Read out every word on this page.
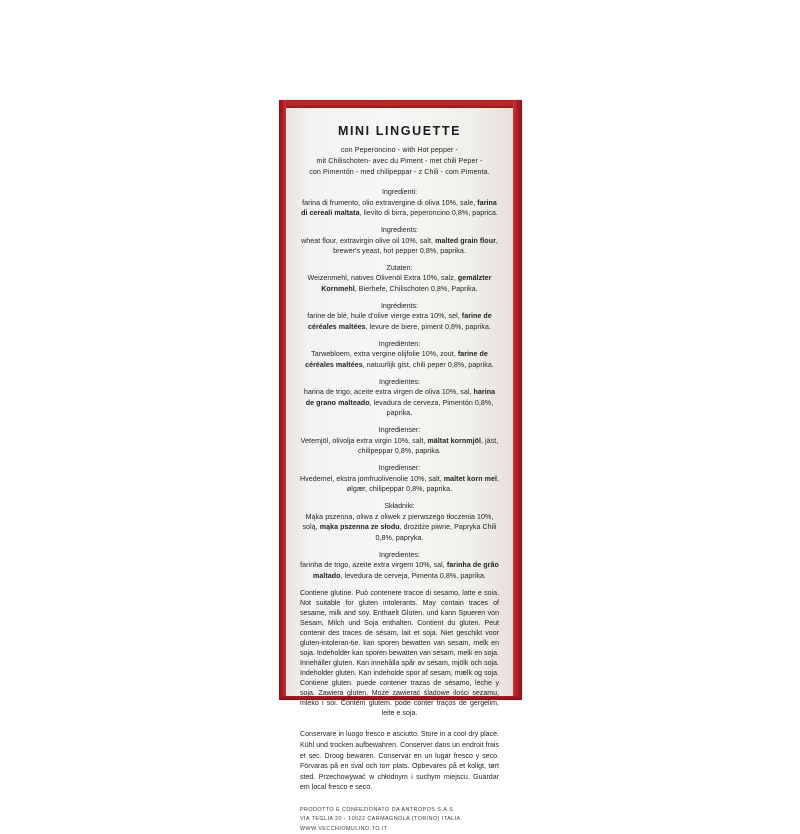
MINI LINGUETTE
con Peperoncino - with Hot pepper -
mit Chilischoten- avec du Piment - met chili Peper -
con Pimentón - med chilipeppar - z Chili - com Pimenta.
Ingredienti:
farina di frumento, olio extravergine di oliva 10%, sale, farina di cereali maltata, lievito di birra, peperoncino 0,8%, paprica.
Ingredients:
wheat flour, extravirgin olive oil 10%, salt, malted grain flour, brewer's yeast, hot pepper 0,8%, paprika.
Zutaten:
Weizenmehl, natives Olivenöl Extra 10%, salz, gemälzter Kornmehl, Bierhefe, Chilischoten 0,8%, Paprika.
Ingrédients:
farine de blé, huile d'olive vierge extra 10%, sel, farine de céréales maltées, levure de biere, piment 0,8%, paprika.
Ingrediënten:
Tarwebloem, extra vergine olijfolie 10%, zout, farine de céréales maltées, natuurlijk gist, chili peper 0,8%, paprika.
Ingredientes:
harina de trigo, aceite extra virgen de oliva 10%, sal, harina de grano malteado, levadura de cerveza, Pimentón 0,8%, paprika.
Ingredienser:
Vetemjöl, olivolja extra virgin 10%, salt, mältat kornmjöl, jäst, chilipeppar 0,8%, paprika.
Ingredienser:
Hvedemel, ekstra jomfruolivenolie 10%, salt, maltet korn mel, ølgær, chilipeppar 0,8%, paprika.
Składniki:
Mąka pszenna, oliwa z oliwek z pierwszego tłoczenia 10%, solą, mąka pszenna ze słodu, drożdże piwne, Papryka Chili 0,8%, papryka.
Ingredientes:
farinha de trigo, azeite extra virgem 10%, sal, farinha de grão maltado, levedura de cerveja, Pimenta 0,8%, paprika.
Contiene glutine. Può contenere tracce di sesamo, latte e soia. Not suitable for gluten intolerants. May contain traces of sesame, milk and soy. Enthaelt Gluten. und kann Spueren von Sesam, Milch und Soja enthalten. Contient du gluten. Peut contenir des traces de sésam, lait et soja. Niet geschikt voor gluten-intoleran-tie. kan sporen bewatten van sesam, melk en soja. Indeholder kan sporen bewatten van sesam, melk en soja. Inneháller gluten. Kan innehålla spår av sesam, mjölk och soja. Indeholder gluten. Kan indeholde spor af sesam, mælk og soja. Contiene gluten. puede contener trazas de sésamo, leche y soja. Zawiera gluten. Może zawierać śladowe ilości sezamu, mleko i soi. Contém glutem. pode conter traços de gergelim, leite e soja.
Conservare in luogo fresco e asciutto. Store in a cool dry place. Kühl und trocken aufbewahren. Conserver dans un endroit frais et sec. Droog bewaren. Conservar en un lugar fresco y seco. Förvaras på en sval och torr plats. Opbevares på et koligt, tørt sted. Przechowywać w chłodnym i suchym miejscu. Guardar em local fresco e seco.
PRODOTTO E CONFEZIONATO DA ANTROPOS S.A.S
VIA TEGLIA 20 - 10022 CARMAGNOLA (TORINO) ITALIA. WWW.VECCHIOMULINO.TO.IT
